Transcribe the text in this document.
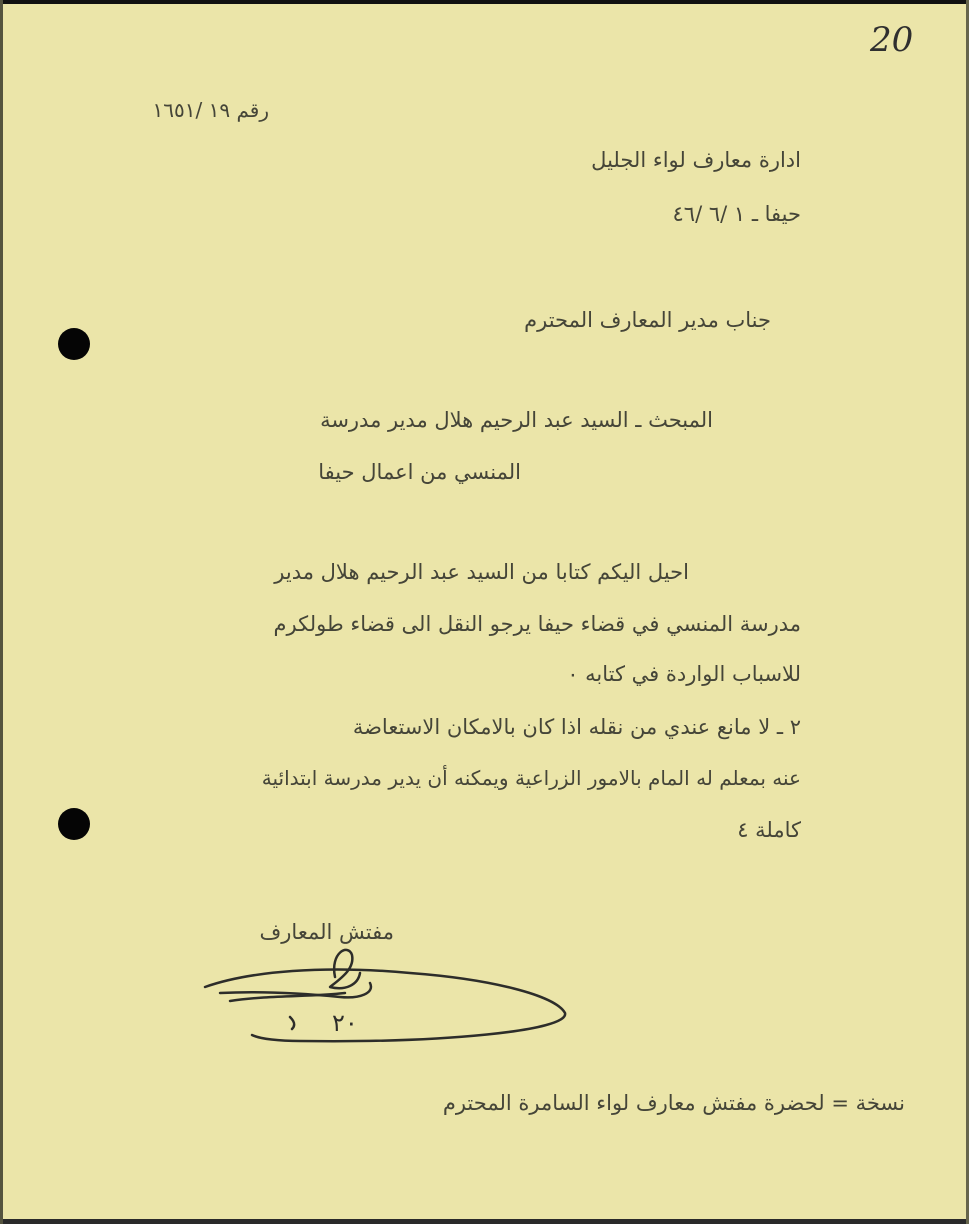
20
رقم ١٩ /١٦٥١
ادارة معارف لواء الجليل
حيفا ـ ١ /٦ /٤٦
جناب مدير المعارف المحترم
المبحث ـ السيد عبد الرحيم هلال مدير مدرسة
المنسي من اعمال حيفا
احيل اليكم كتابا من السيد عبد الرحيم هلال مدير
مدرسة المنسي في قضاء حيفا يرجو النقل الى قضاء طولكرم
للاسباب الواردة في كتابه ٠
٢ ـ لا مانع عندي من نقله اذا كان بالامكان الاستعاضة
عنه بمعلم له المام بالامور الزراعية ويمكنه أن يدير مدرسة ابتدائية
كاملة ٤
مفتش المعارف
٢٠
نسخة = لحضرة مفتش معارف لواء السامرة المحترم
